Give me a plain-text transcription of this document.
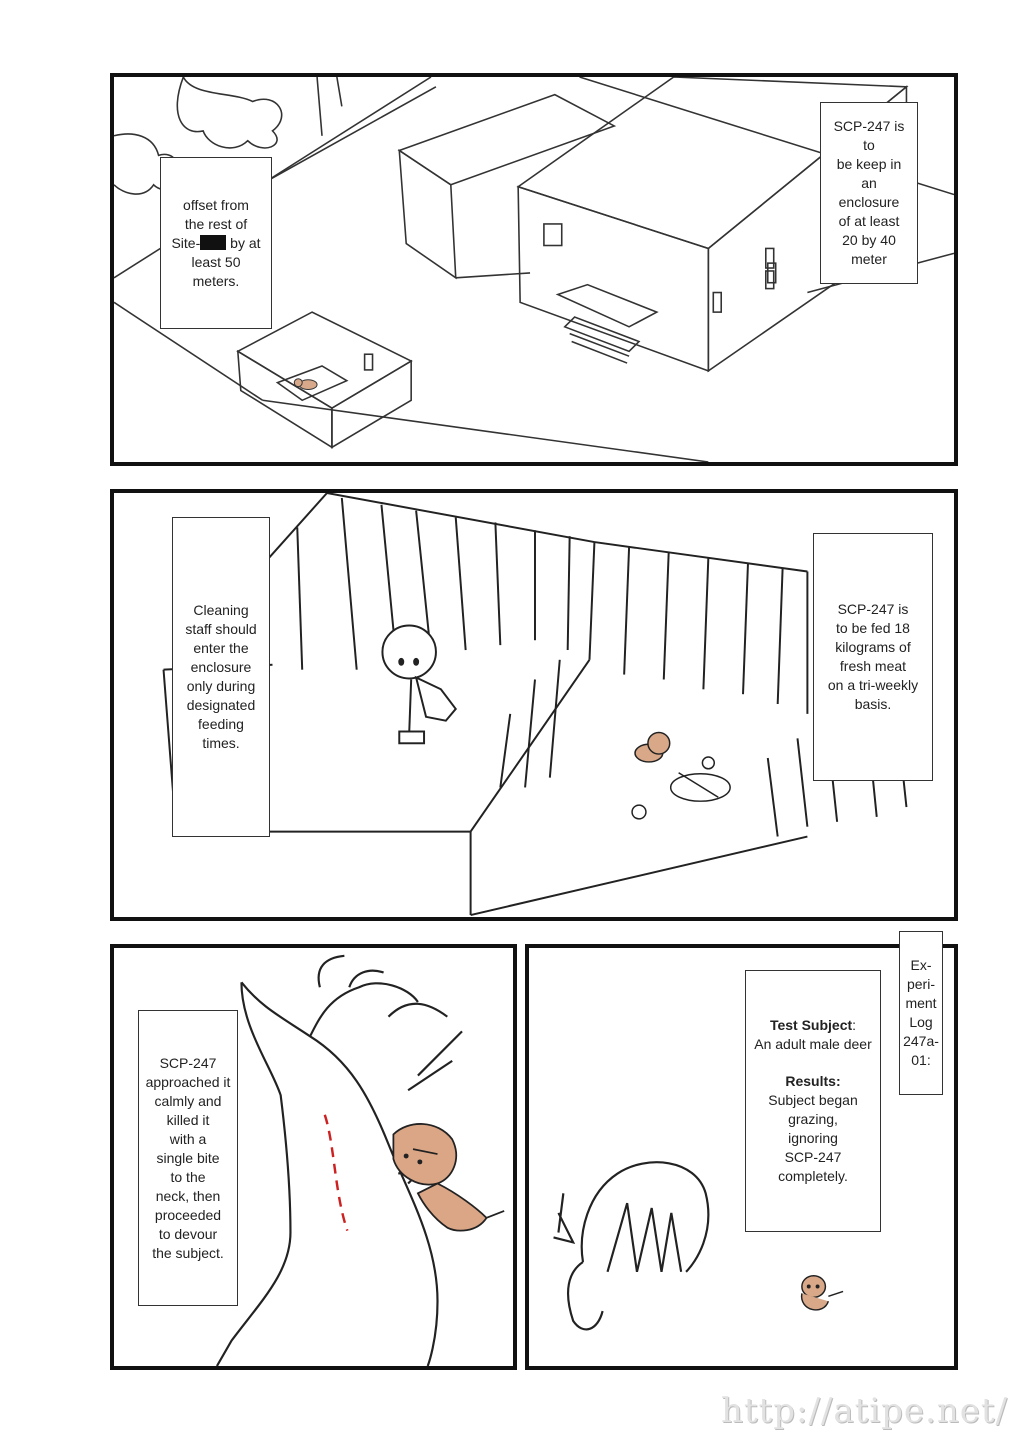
offset from
the rest of
Site- by at
least 50
meters.
SCP-247 is to
be keep in an
enclosure
of at least
20 by 40
meter
Cleaning
staff should
enter the
enclosure
only during
designated
feeding
times.
SCP-247 is
to be fed 18
kilograms of
fresh meat
on a tri-weekly
basis.
SCP-247
approached it
calmly and
killed it
with a
single bite
to the
neck, then
proceeded
to devour
the subject.
Test Subject:
An adult male deer
Results:
Subject began
grazing,
ignoring
SCP-247
completely.
Ex-
peri-
ment
Log
247a-
01:
http://atipe.net/
